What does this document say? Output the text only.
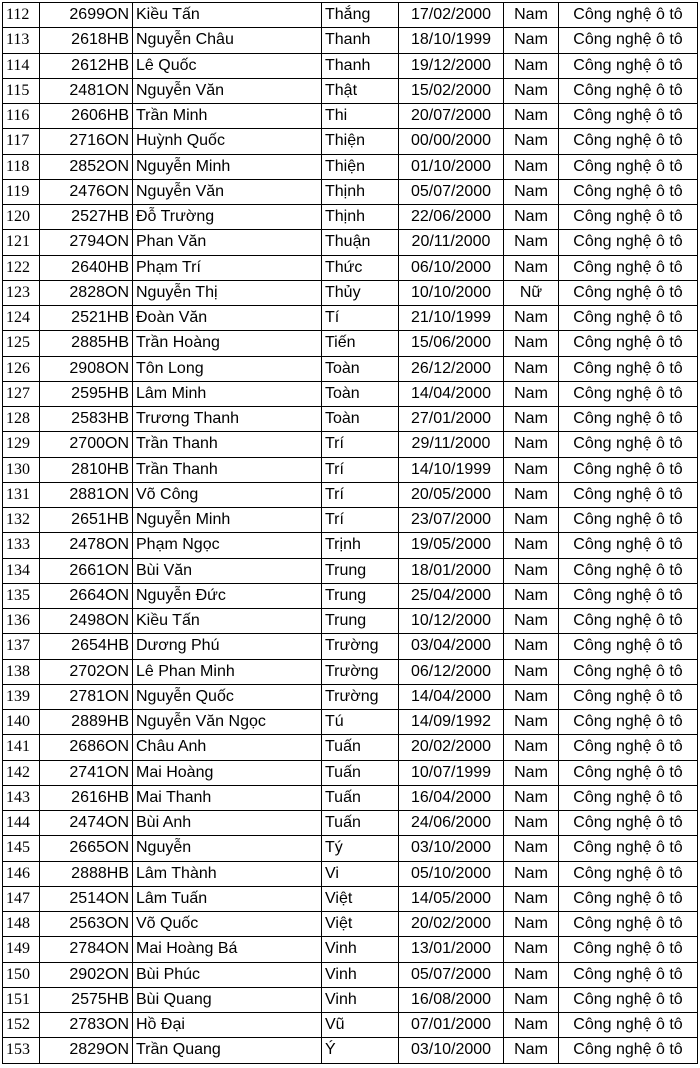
112	2699ON	Kiều Tấn	Thắng	17/02/2000	Nam	Công nghệ ô tô
113	2618HB	Nguyễn Châu	Thanh	18/10/1999	Nam	Công nghệ ô tô
114	2612HB	Lê Quốc	Thanh	19/12/2000	Nam	Công nghệ ô tô
115	2481ON	Nguyễn Văn	Thật	15/02/2000	Nam	Công nghệ ô tô
116	2606HB	Trần Minh	Thi	20/07/2000	Nam	Công nghệ ô tô
117	2716ON	Huỳnh Quốc	Thiện	00/00/2000	Nam	Công nghệ ô tô
118	2852ON	Nguyễn Minh	Thiện	01/10/2000	Nam	Công nghệ ô tô
119	2476ON	Nguyễn Văn	Thịnh	05/07/2000	Nam	Công nghệ ô tô
120	2527HB	Đỗ Trường	Thịnh	22/06/2000	Nam	Công nghệ ô tô
121	2794ON	Phan Văn	Thuận	20/11/2000	Nam	Công nghệ ô tô
122	2640HB	Phạm Trí	Thức	06/10/2000	Nam	Công nghệ ô tô
123	2828ON	Nguyễn Thị	Thủy	10/10/2000	Nữ	Công nghệ ô tô
124	2521HB	Đoàn Văn	Tí	21/10/1999	Nam	Công nghệ ô tô
125	2885HB	Trần Hoàng	Tiến	15/06/2000	Nam	Công nghệ ô tô
126	2908ON	Tôn Long	Toàn	26/12/2000	Nam	Công nghệ ô tô
127	2595HB	Lâm Minh	Toàn	14/04/2000	Nam	Công nghệ ô tô
128	2583HB	Trương Thanh	Toàn	27/01/2000	Nam	Công nghệ ô tô
129	2700ON	Trần Thanh	Trí	29/11/2000	Nam	Công nghệ ô tô
130	2810HB	Trần Thanh	Trí	14/10/1999	Nam	Công nghệ ô tô
131	2881ON	Võ Công	Trí	20/05/2000	Nam	Công nghệ ô tô
132	2651HB	Nguyễn Minh	Trí	23/07/2000	Nam	Công nghệ ô tô
133	2478ON	Phạm Ngọc	Trịnh	19/05/2000	Nam	Công nghệ ô tô
134	2661ON	Bùi Văn	Trung	18/01/2000	Nam	Công nghệ ô tô
135	2664ON	Nguyễn Đức	Trung	25/04/2000	Nam	Công nghệ ô tô
136	2498ON	Kiều Tấn	Trung	10/12/2000	Nam	Công nghệ ô tô
137	2654HB	Dương Phú	Trường	03/04/2000	Nam	Công nghệ ô tô
138	2702ON	Lê Phan Minh	Trường	06/12/2000	Nam	Công nghệ ô tô
139	2781ON	Nguyễn Quốc	Trường	14/04/2000	Nam	Công nghệ ô tô
140	2889HB	Nguyễn Văn Ngọc	Tú	14/09/1992	Nam	Công nghệ ô tô
141	2686ON	Châu Anh	Tuấn	20/02/2000	Nam	Công nghệ ô tô
142	2741ON	Mai Hoàng	Tuấn	10/07/1999	Nam	Công nghệ ô tô
143	2616HB	Mai Thanh	Tuấn	16/04/2000	Nam	Công nghệ ô tô
144	2474ON	Bùi Anh	Tuấn	24/06/2000	Nam	Công nghệ ô tô
145	2665ON	Nguyễn	Tý	03/10/2000	Nam	Công nghệ ô tô
146	2888HB	Lâm Thành	Vi	05/10/2000	Nam	Công nghệ ô tô
147	2514ON	Lâm Tuấn	Việt	14/05/2000	Nam	Công nghệ ô tô
148	2563ON	Võ Quốc	Việt	20/02/2000	Nam	Công nghệ ô tô
149	2784ON	Mai Hoàng Bá	Vinh	13/01/2000	Nam	Công nghệ ô tô
150	2902ON	Bùi Phúc	Vinh	05/07/2000	Nam	Công nghệ ô tô
151	2575HB	Bùi Quang	Vinh	16/08/2000	Nam	Công nghệ ô tô
152	2783ON	Hồ Đại	Vũ	07/01/2000	Nam	Công nghệ ô tô
153	2829ON	Trần Quang	Ý	03/10/2000	Nam	Công nghệ ô tô
